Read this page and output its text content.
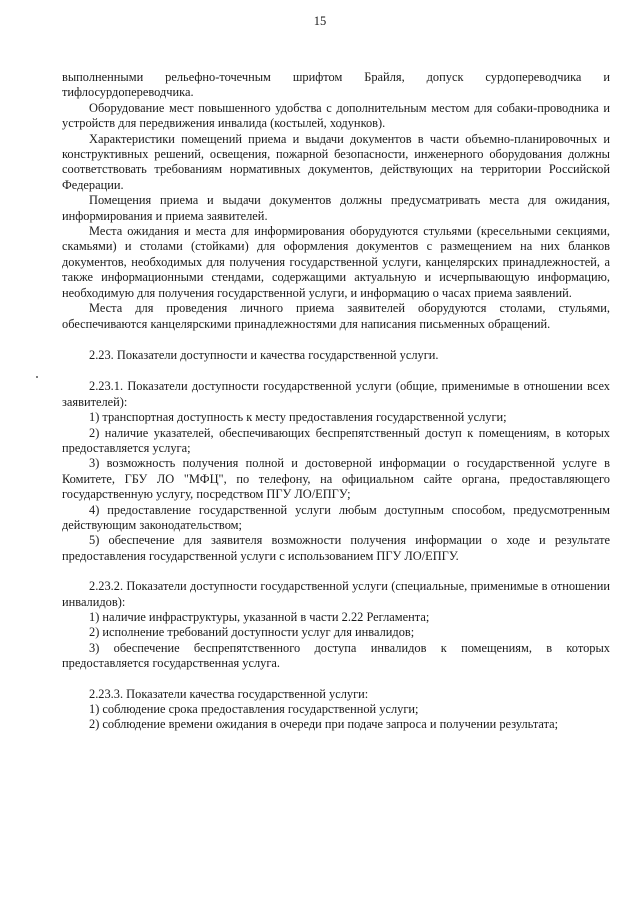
15

выполненными рельефно-точечным шрифтом Брайля, допуск сурдопереводчика и тифлосурдопереводчика.

Оборудование мест повышенного удобства с дополнительным местом для собаки-проводника и устройств для передвижения инвалида (костылей, ходунков).

Характеристики помещений приема и выдачи документов в части объемно-планировочных и конструктивных решений, освещения, пожарной безопасности, инженерного оборудования должны соответствовать требованиям нормативных документов, действующих на территории Российской Федерации.

Помещения приема и выдачи документов должны предусматривать места для ожидания, информирования и приема заявителей.

Места ожидания и места для информирования оборудуются стульями (кресельными секциями, скамьями) и столами (стойками) для оформления документов с размещением на них бланков документов, необходимых для получения государственной услуги, канцелярских принадлежностей, а также информационными стендами, содержащими актуальную и исчерпывающую информацию, необходимую для получения государственной услуги, и информацию о часах приема заявлений.

Места для проведения личного приема заявителей оборудуются столами, стульями, обеспечиваются канцелярскими принадлежностями для написания письменных обращений.

2.23. Показатели доступности и качества государственной услуги.

2.23.1. Показатели доступности государственной услуги (общие, применимые в отношении всех заявителей):

1) транспортная доступность к месту предоставления государственной услуги;

2) наличие указателей, обеспечивающих беспрепятственный доступ к помещениям, в которых предоставляется услуга;

3) возможность получения полной и достоверной информации о государственной услуге в Комитете, ГБУ ЛО "МФЦ", по телефону, на официальном сайте органа, предоставляющего государственную услугу, посредством ПГУ ЛО/ЕПГУ;

4) предоставление государственной услуги любым доступным способом, предусмотренным действующим законодательством;

5) обеспечение для заявителя возможности получения информации о ходе и результате предоставления государственной услуги с использованием ПГУ ЛО/ЕПГУ.

2.23.2. Показатели доступности государственной услуги (специальные, применимые в отношении инвалидов):

1) наличие инфраструктуры, указанной в части 2.22 Регламента;

2) исполнение требований доступности услуг для инвалидов;

3) обеспечение беспрепятственного доступа инвалидов к помещениям, в которых предоставляется государственная услуга.

2.23.3. Показатели качества государственной услуги:

1) соблюдение срока предоставления государственной услуги;

2) соблюдение времени ожидания в очереди при подаче запроса и получении результата;
